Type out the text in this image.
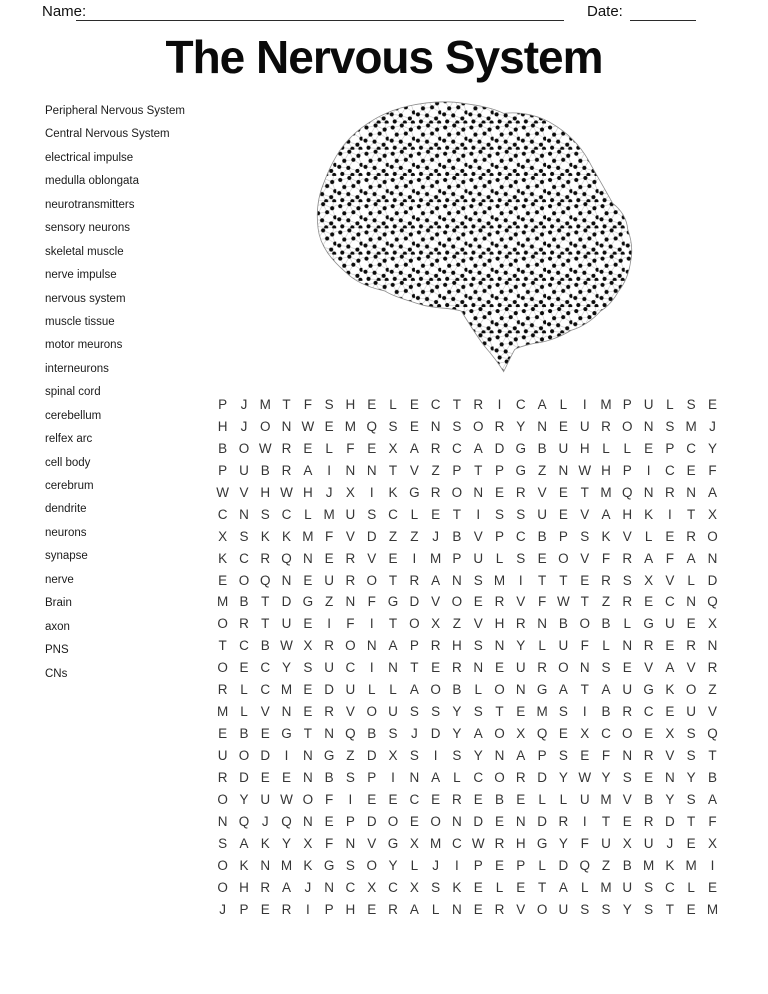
Name:	Date:
The Nervous System
Peripheral Nervous System
Central Nervous System
electrical impulse
medulla oblongata
neurotransmitters
sensory neurons
skeletal muscle
nerve impulse
nervous system
muscle tissue
motor meurons
interneurons
spinal cord
cerebellum
relfex arc
cell body
cerebrum
dendrite
neurons
synapse
nerve
Brain
axon
PNS
CNs
P J M T F S H E L E C T R	I	C A L	I	M P U L S E
H J O N W E M Q S E N S O R Y N E U R O N S M J
B O W R E L F E X A R C A D G B U H L	L E P C Y
P U B R A	I	N N T V Z P T P G Z N W H P	I	C E F
W V H W H J X	I	K G R O N E R V E T M Q N R N A
C N S C L M U S C L E T	I	S S U E V A H K	I	T X
X S K K M F V D Z Z	J B V P C B P S K V L E R O
K C R Q N E R V E	I	M P U L S E O V F R A F A N
E O Q N E U R O T R A N S M	I	T T E R S X V L D
M B T D G Z N F G D V O E R V F W T Z R E C N Q
O R T U E	I	F	I	T O X Z V H R N B O B L G U E X
T C B W X R O N A P R H S N Y L U F L N R E R N
O E C Y S U C	I	N T E R N E U R O N S E V A V R
R L C M E D U L	L A O B L O N G A T A U G K O Z
M L V N E R V O U S S Y S T E M S	I	B R C E U V
E B E G T N Q B S J D Y A O X Q E X C O E X S Q
U O D	I	N G Z D X S	I	S Y N A P S E F N R V S T
R D E E N B S P	I	N A L C O R D Y W Y S E N Y B
O Y U W O F	I	E E C E R E B E L	L U M V B Y S A
N Q J Q N E P D O E O N D E N D R	I	T E R D T F
S A K Y X F N V G X M C W R H G Y F U X U J E X
O K N M K G S O Y L	J	I	P E P L D Q Z B M K M	I
O H R A J N C X C X S K E L E T A L M U S C L E
J P E R	I	P H E R A L N E R V O U S S Y S T E M
